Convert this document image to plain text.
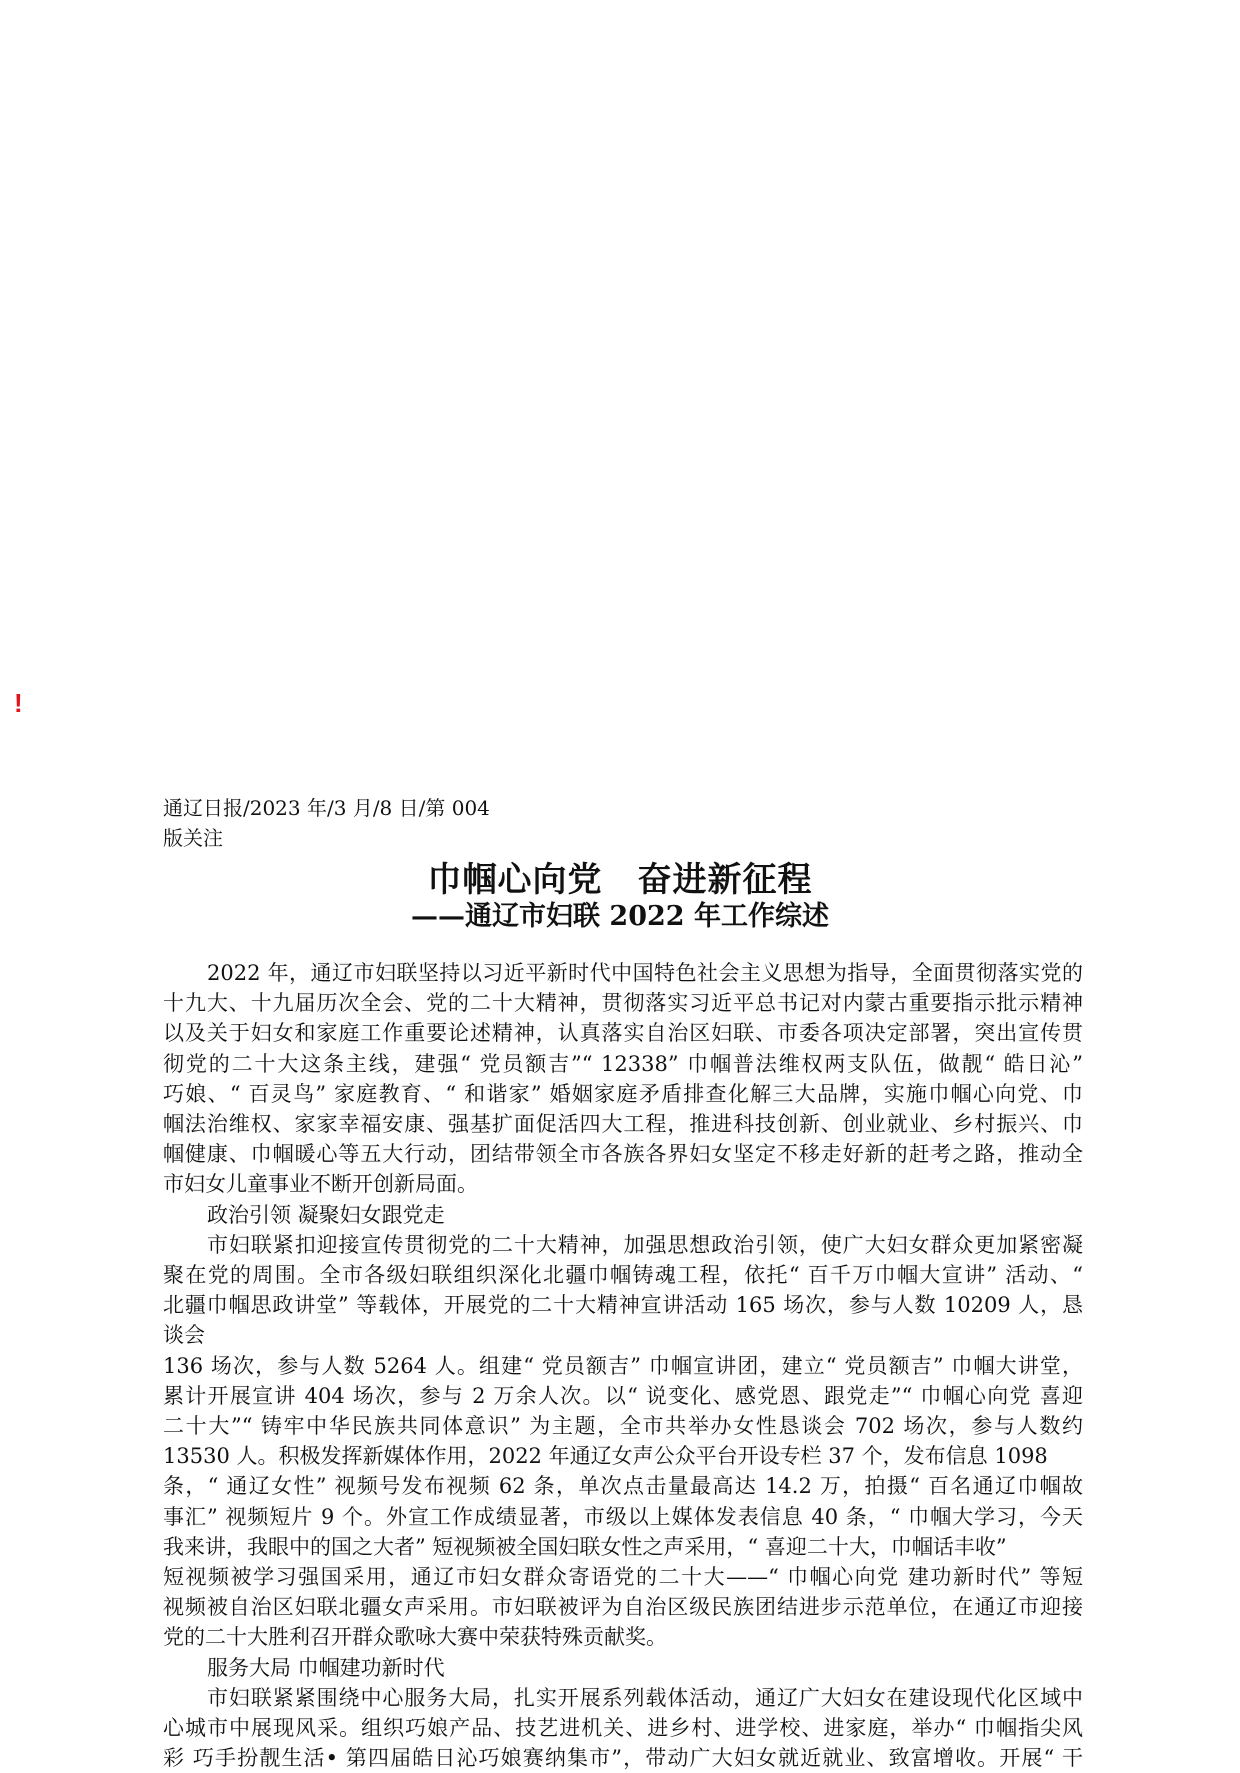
!
通辽日报/2023 年/3 月/8 日/第 004
版关注
巾帼心向党　奋进新征程
——通辽市妇联 2022 年工作综述
2022 年，通辽市妇联坚持以习近平新时代中国特色社会主义思想为指导，全面贯彻落实党的
十九大、十九届历次全会、党的二十大精神，贯彻落实习近平总书记对内蒙古重要指示批示精神
以及关于妇女和家庭工作重要论述精神，认真落实自治区妇联、市委各项决定部署，突出宣传贯
彻党的二十大这条主线，建强“ 党员额吉”“ 12338” 巾帼普法维权两支队伍，做靓“ 皓日沁”
巧娘、“ 百灵鸟” 家庭教育、“ 和谐家” 婚姻家庭矛盾排查化解三大品牌，实施巾帼心向党、巾
帼法治维权、家家幸福安康、强基扩面促活四大工程，推进科技创新、创业就业、乡村振兴、巾
帼健康、巾帼暖心等五大行动，团结带领全市各族各界妇女坚定不移走好新的赶考之路，推动全
市妇女儿童事业不断开创新局面。
政治引领 凝聚妇女跟党走
市妇联紧扣迎接宣传贯彻党的二十大精神，加强思想政治引领，使广大妇女群众更加紧密凝
聚在党的周围。全市各级妇联组织深化北疆巾帼铸魂工程，依托“ 百千万巾帼大宣讲” 活动、“
北疆巾帼思政讲堂” 等载体，开展党的二十大精神宣讲活动 165 场次，参与人数 10209 人，恳
谈会
136 场次，参与人数 5264 人。组建“ 党员额吉” 巾帼宣讲团，建立“ 党员额吉” 巾帼大讲堂，
累计开展宣讲 404 场次，参与 2 万余人次。以“ 说变化、感党恩、跟党走”“ 巾帼心向党 喜迎
二十大”“ 铸牢中华民族共同体意识” 为主题，全市共举办女性恳谈会 702 场次，参与人数约
13530 人。积极发挥新媒体作用，2022 年通辽女声公众平台开设专栏 37 个，发布信息 1098
条，“ 通辽女性” 视频号发布视频 62 条，单次点击量最高达 14.2 万，拍摄“ 百名通辽巾帼故
事汇” 视频短片 9 个。外宣工作成绩显著，市级以上媒体发表信息 40 条，“ 巾帼大学习，今天
我来讲，我眼中的国之大者” 短视频被全国妇联女性之声采用，“ 喜迎二十大，巾帼话丰收”
短视频被学习强国采用，通辽市妇女群众寄语党的二十大——“ 巾帼心向党 建功新时代” 等短
视频被自治区妇联北疆女声采用。市妇联被评为自治区级民族团结进步示范单位，在通辽市迎接
党的二十大胜利召开群众歌咏大赛中荣获特殊贡献奖。
服务大局 巾帼建功新时代
市妇联紧紧围绕中心服务大局，扎实开展系列载体活动，通辽广大妇女在建设现代化区域中
心城市中展现风采。组织巧娘产品、技艺进机关、进乡村、进学校、进家庭，举办“ 巾帼指尖风
彩 巧手扮靓生活• 第四届皓日沁巧娘赛纳集市”，带动广大妇女就近就业、致富增收。开展“ 干
